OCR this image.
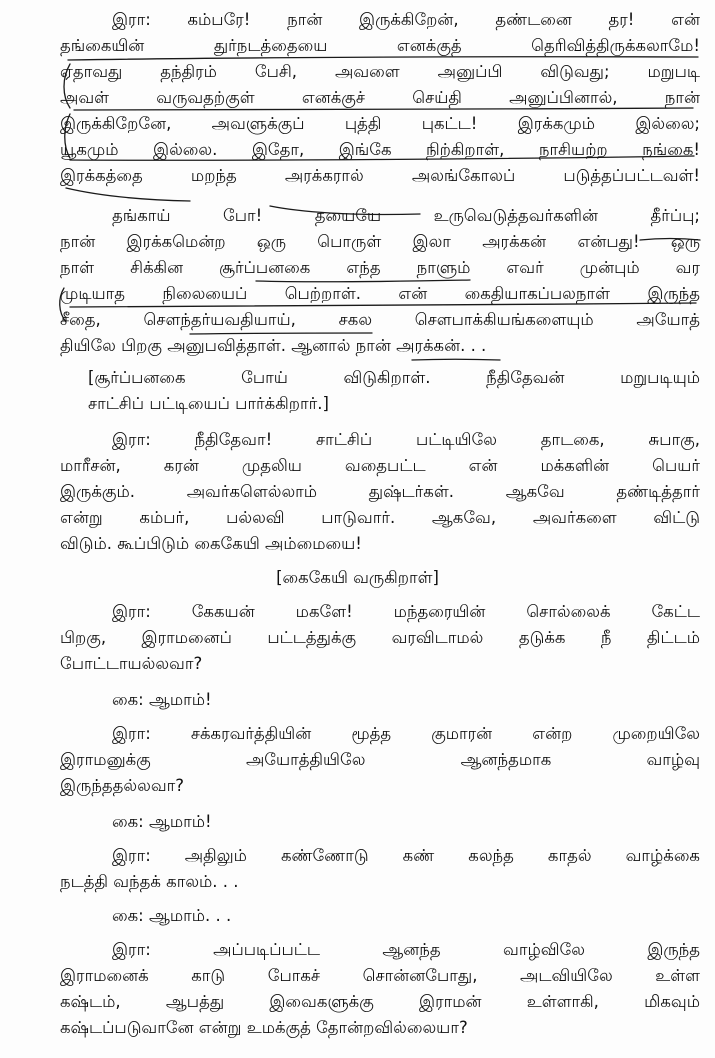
இரா: கம்பரே! நான் இருக்கிறேன், தண்டனை தர! என்
தங்கையின் துர்நடத்தையை எனக்குத் தெரிவித்திருக்கலாமே!
ஏதாவது தந்திரம் பேசி, அவளை அனுப்பி விடுவது; மறுபடி
அவள் வருவதற்குள் எனக்குச் செய்தி அனுப்பினால், நான்
இருக்கிறேனே, அவளுக்குப் புத்தி புகட்ட! இரக்கமும் இல்லை;
யூகமும் இல்லை. இதோ, இங்கே நிற்கிறாள், நாசியற்ற நங்கை!
இரக்கத்தை மறந்த அரக்கரால் அலங்கோலப் படுத்தப்பட்டவள்!
தங்காய் போ! தயையே உருவெடுத்தவர்களின் தீர்ப்பு;
நான் இரக்கமென்ற ஒரு பொருள் இலா அரக்கன் என்பது! ஒரு
நாள் சிக்கின சூர்ப்பனகை எந்த நாளும் எவர் முன்பும் வர
முடியாத நிலையைப் பெற்றாள். என் கைதியாகப்பலநாள் இருந்த
சீதை, சௌந்தர்யவதியாய், சகல சௌபாக்கியங்களையும் அயோத்
தியிலே பிறகு அனுபவித்தாள். ஆனால் நான் அரக்கன். . .
[சூர்ப்பனகை போய் விடுகிறாள். நீதிதேவன் மறுபடியும்
சாட்சிப் பட்டியைப் பார்க்கிறார்.]
இரா: நீதிதேவா! சாட்சிப் பட்டியிலே தாடகை, சுபாகு,
மாரீசன், கரன் முதலிய வதைபட்ட என் மக்களின் பெயர்
இருக்கும். அவர்களெல்லாம் துஷ்டர்கள். ஆகவே தண்டித்தார்
என்று கம்பர், பல்லவி பாடுவார். ஆகவே, அவர்களை விட்டு
விடும். கூப்பிடும் கைகேயி அம்மையை!
[கைகேயி வருகிறாள்]
இரா: கேகயன் மகளே! மந்தரையின் சொல்லைக் கேட்ட
பிறகு, இராமனைப் பட்டத்துக்கு வரவிடாமல் தடுக்க நீ திட்டம்
போட்டாயல்லவா?
கை: ஆமாம்!
இரா: சக்கரவர்த்தியின் மூத்த குமாரன் என்ற முறையிலே
இராமனுக்கு அயோத்தியிலே ஆனந்தமாக வாழ்வு
இருந்ததல்லவா?
கை: ஆமாம்!
இரா: அதிலும் கண்ணோடு கண் கலந்த காதல் வாழ்க்கை
நடத்தி வந்தக் காலம். . .
கை: ஆமாம். . .
இரா: அப்படிப்பட்ட ஆனந்த வாழ்விலே இருந்த
இராமனைக் காடு போகச் சொன்னபோது, அடவியிலே உள்ள
கஷ்டம், ஆபத்து இவைகளுக்கு இராமன் உள்ளாகி, மிகவும்
கஷ்டப்படுவானே என்று உமக்குத் தோன்றவில்லையா?
